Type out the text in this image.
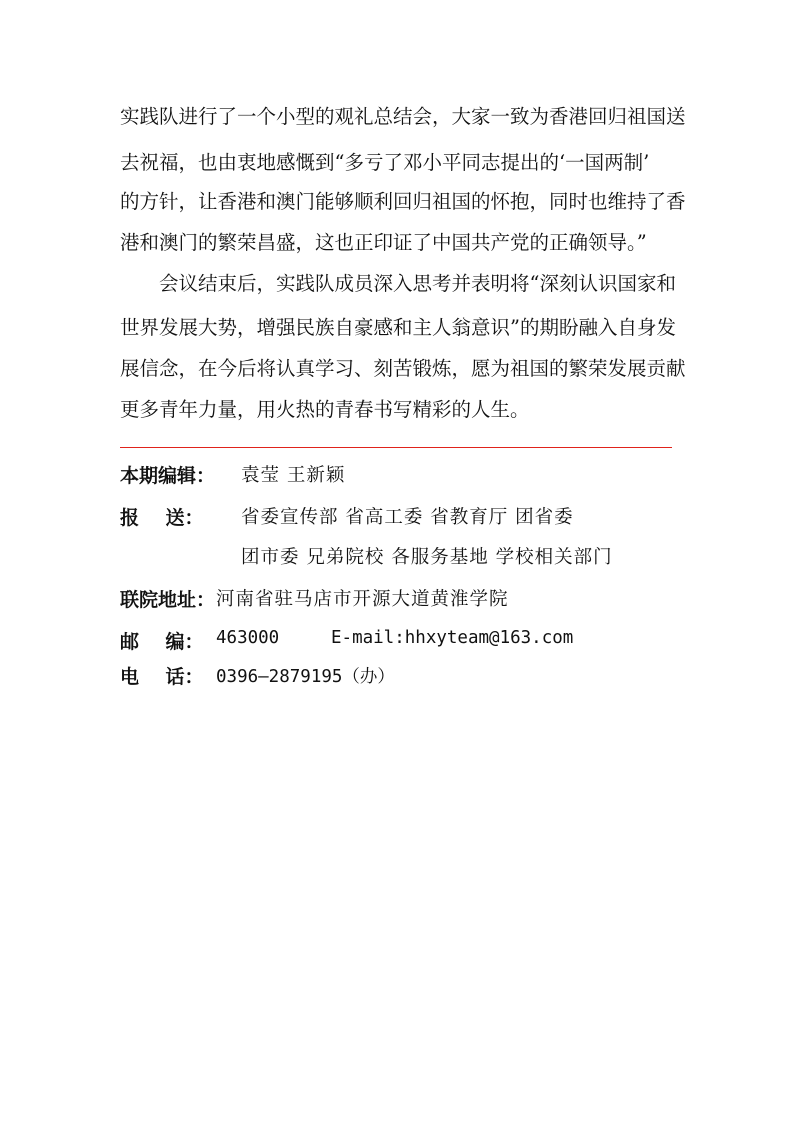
实践队进行了一个小型的观礼总结会，大家一致为香港回归祖国送
去祝福，也由衷地感慨到“多亏了邓小平同志提出的‘一国两制’
的方针，让香港和澳门能够顺利回归祖国的怀抱，同时也维持了香
港和澳门的繁荣昌盛，这也正印证了中国共产党的正确领导。”
会议结束后，实践队成员深入思考并表明将“深刻认识国家和
世界发展大势，增强民族自豪感和主人翁意识”的期盼融入自身发
展信念，在今后将认真学习、刻苦锻炼，愿为祖国的繁荣发展贡献
更多青年力量，用火热的青春书写精彩的人生。
本期编辑： 袁莹 王新颖
报    送： 省委宣传部 省高工委 省教育厅 团省委
团市委 兄弟院校 各服务基地 学校相关部门
联院地址： 河南省驻马店市开源大道黄淮学院
邮    编： 463000	E-mail:hhxyteam@163.com
电    话： 0396—2879195（办）
